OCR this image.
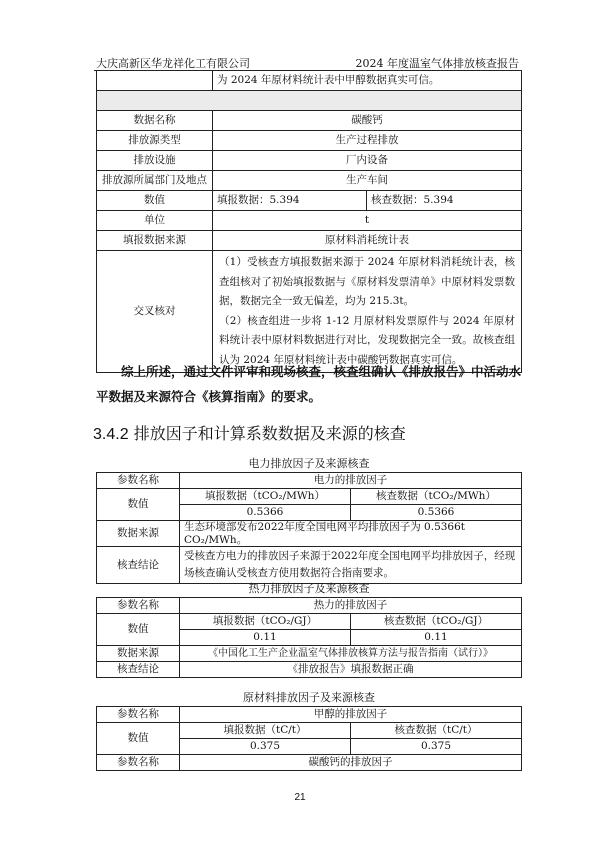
大庆高新区华龙祥化工有限公司	2024 年度温室气体排放核查报告
	为 2024 年原材料统计表中甲醇数据真实可信。	

数据名称	碳酸钙	
排放源类型	生产过程排放	
排放设施	厂内设备	
排放源所属部门及地点	生产车间	
数值	填报数据：5.394	核查数据：5.394
单位	t	
填报数据来源	原材料消耗统计表	
交叉核对	（1）受核查方填报数据来源于 2024 年原材料消耗统计表，核查组核对了初始填报数据与《原材料发票清单》中原材料发票数据，数据完全一致无偏差，均为 215.3t。
（2）核查组进一步将 1-12 月原材料发票原件与 2024 年原材料统计表中原材料数据进行对比，发现数据完全一致。故核查组认为 2024 年原材料统计表中碳酸钙数据真实可信。	
综上所述，通过文件评审和现场核查，核查组确认《排放报告》中活动水平数据及来源符合《核算指南》的要求。
3.4.2 排放因子和计算系数数据及来源的核查
电力排放因子及来源核查
参数名称	电力的排放因子	
数值	填报数据（tCO₂/MWh）	核查数据（tCO₂/MWh）
	0.5366	0.5366
数据来源	生态环境部发布2022年度全国电网平均排放因子为 0.5366t CO₂/MWh。	
核查结论	受核查方电力的排放因子来源于2022年度全国电网平均排放因子，经现场核查确认受核查方使用数据符合指南要求。	
热力排放因子及来源核查
参数名称	热力的排放因子	
数值	填报数据（tCO₂/GJ）	核查数据（tCO₂/GJ）
	0.11	0.11
数据来源	《中国化工生产企业温室气体排放核算方法与报告指南（试行）》	
核查结论	《排放报告》填报数据正确	
原材料排放因子及来源核查
参数名称	甲醇的排放因子	
数值	填报数据（tC/t）	核查数据（tC/t）
	0.375	0.375
参数名称	碳酸钙的排放因子	
21
